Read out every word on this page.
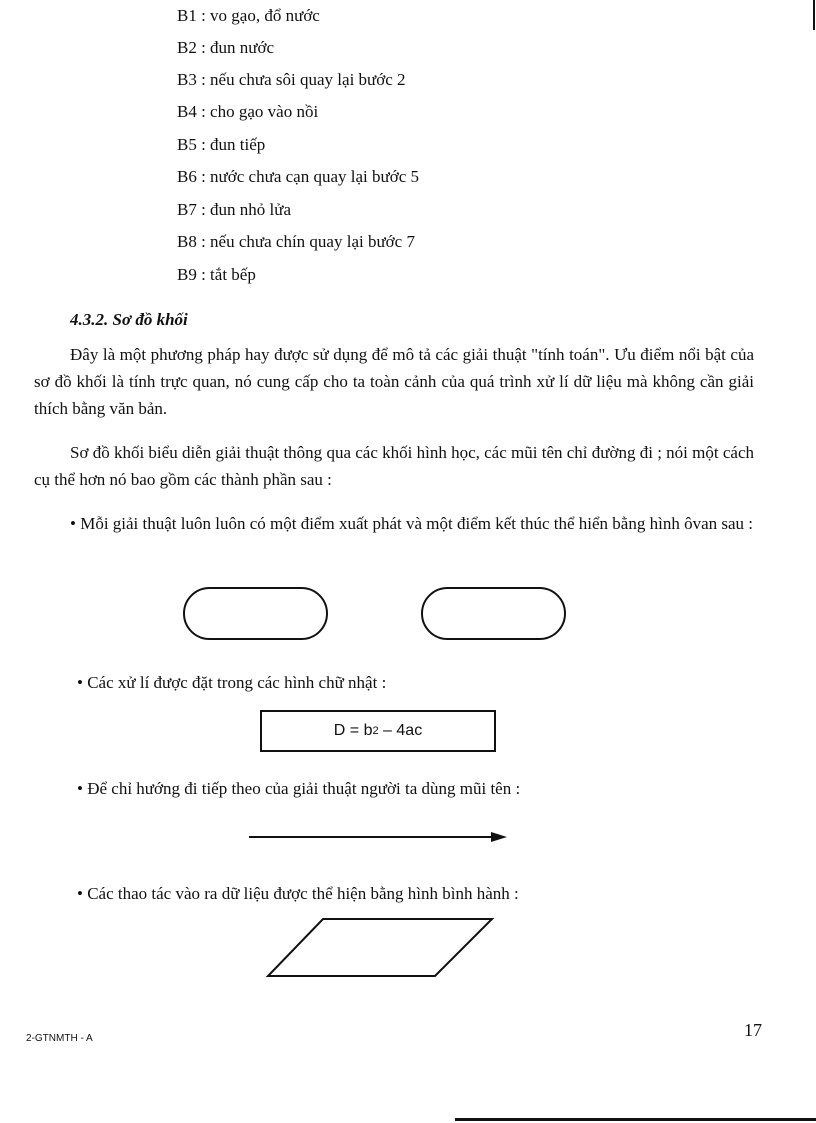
B1 : vo gạo, đổ nước
B2 : đun nước
B3 : nếu chưa sôi quay lại bước 2
B4 : cho gạo vào nồi
B5 : đun tiếp
B6 : nước chưa cạn quay lại bước 5
B7 : đun nhỏ lửa
B8 : nếu chưa chín quay lại bước 7
B9 : tắt bếp
4.3.2. Sơ đồ khối
Đây là một phương pháp hay được sử dụng để mô tả các giải thuật "tính toán". Ưu điểm nổi bật của sơ đồ khối là tính trực quan, nó cung cấp cho ta toàn cảnh của quá trình xử lí dữ liệu mà không cần giải thích bằng văn bản.
Sơ đồ khối biểu diễn giải thuật thông qua các khối hình học, các mũi tên chỉ đường đi ; nói một cách cụ thể hơn nó bao gồm các thành phần sau :
• Mỗi giải thuật luôn luôn có một điểm xuất phát và một điểm kết thúc thể hiển bằng hình ôvan sau :
• Các xử lí được đặt trong các hình chữ nhật :
D = b 2 – 4ac
• Để chỉ hướng đi tiếp theo của giải thuật người ta dùng mũi tên :
• Các thao tác vào ra dữ liệu được thể hiện bằng hình bình hành :
2-GTNMTH - A	17
